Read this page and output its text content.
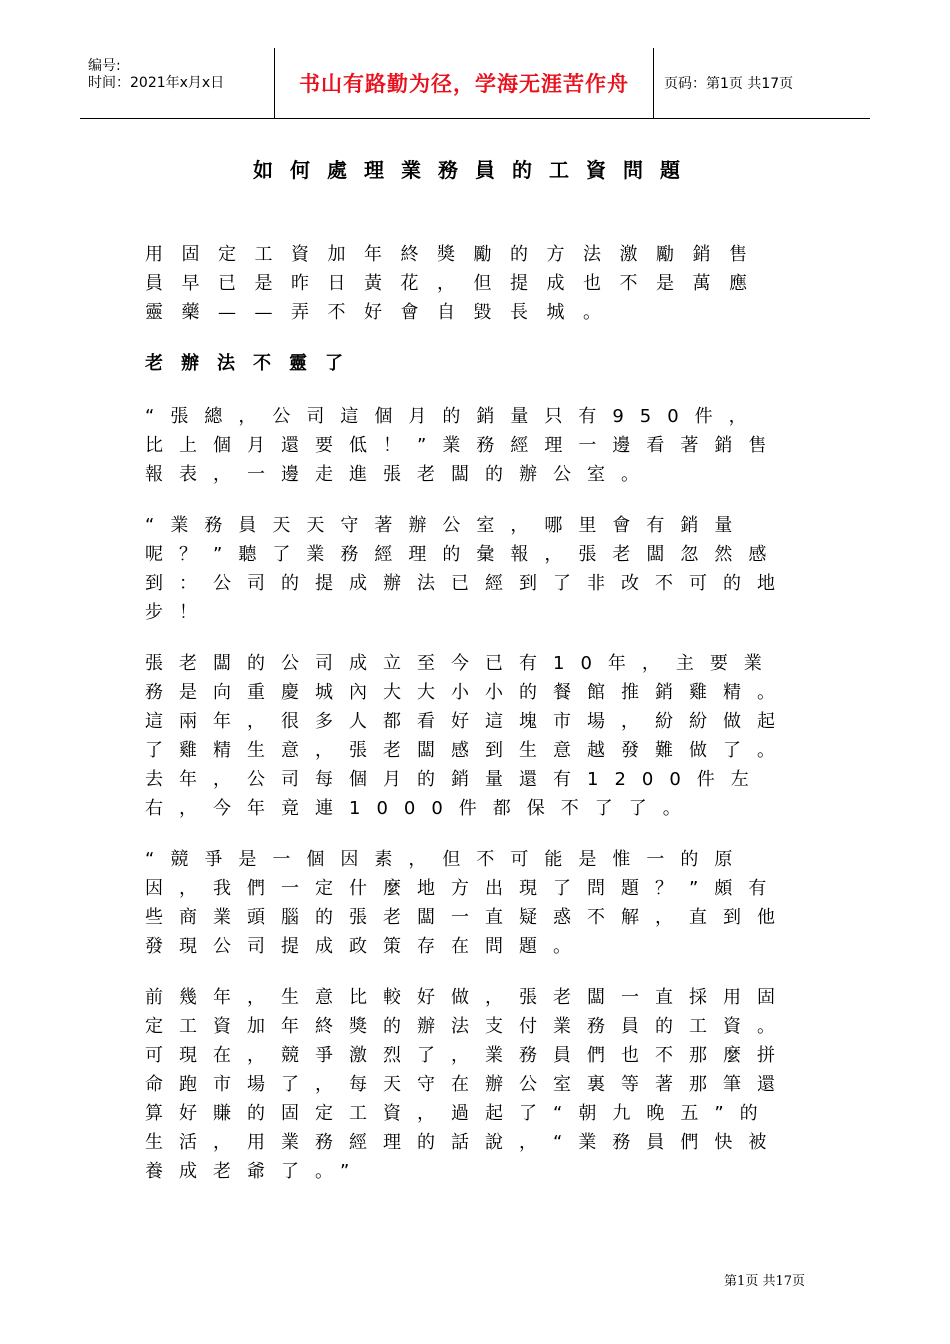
编号:
时间：2021年x月x日	书山有路勤为径，学海无涯苦作舟	页码：第1页 共17页
如何處理業務員的工資問題

用固定工資加年終獎勵的方法激勵銷售員早已是昨日黃花，但提成也不是萬應靈藥——弄不好會自毀長城。

老辦法不靈了

“張總，公司這個月的銷量只有950件，比上個月還要低！”業務經理一邊看著銷售報表，一邊走進張老闆的辦公室。

“業務員天天守著辦公室，哪里會有銷量呢？”聽了業務經理的彙報，張老闆忽然感到：公司的提成辦法已經到了非改不可的地步！

張老闆的公司成立至今已有10年，主要業務是向重慶城內大大小小的餐館推銷雞精。這兩年，很多人都看好這塊市場，紛紛做起了雞精生意，張老闆感到生意越發難做了。去年，公司每個月的銷量還有1200件左右，今年竟連1000件都保不了了。

“競爭是一個因素，但不可能是惟一的原因，我們一定什麼地方出現了問題？”頗有些商業頭腦的張老闆一直疑惑不解，直到他發現公司提成政策存在問題。

前幾年，生意比較好做，張老闆一直採用固定工資加年終獎的辦法支付業務員的工資。可現在，競爭激烈了，業務員們也不那麼拼命跑市場了，每天守在辦公室裏等著那筆還算好賺的固定工資，過起了“朝九晚五”的生活，用業務經理的話說，“業務員們快被養成老爺了。”

第1页 共17页
